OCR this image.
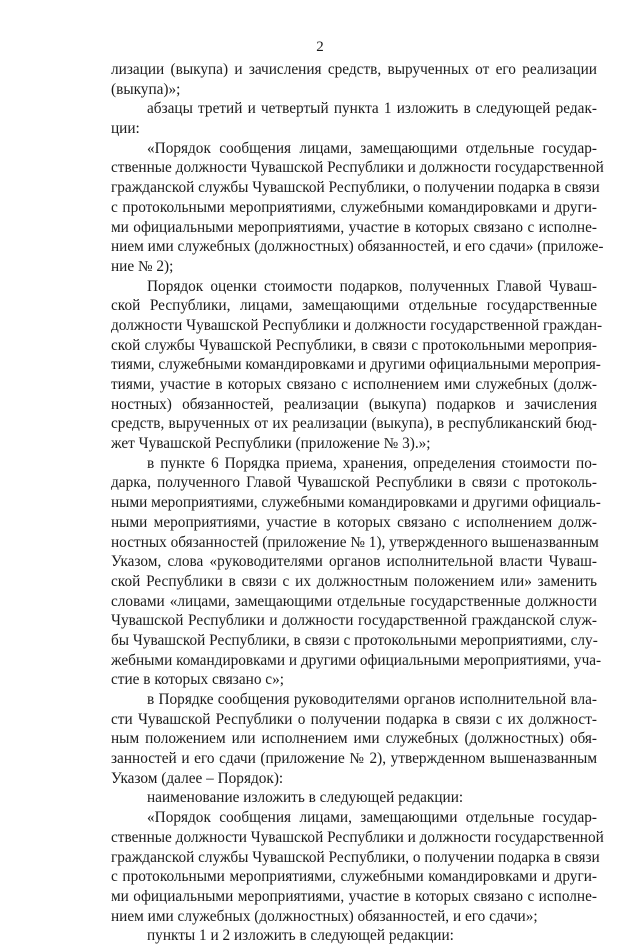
2
лизации (выкупа) и зачисления средств, вырученных от его реализации
(выкупа)»;
абзацы третий и четвертый пункта 1 изложить в следующей редак-
ции:
«Порядок сообщения лицами, замещающими отдельные государ-
ственные должности Чувашской Республики и должности государственной
гражданской службы Чувашской Республики, о получении подарка в связи
с протокольными мероприятиями, служебными командировками и други-
ми официальными мероприятиями, участие в которых связано с исполне-
нием ими служебных (должностных) обязанностей, и его сдачи» (приложе-
ние № 2);
Порядок оценки стоимости подарков, полученных Главой Чуваш-
ской Республики, лицами, замещающими отдельные государственные
должности Чувашской Республики и должности государственной граждан-
ской службы Чувашской Республики, в связи с протокольными мероприя-
тиями, служебными командировками и другими официальными мероприя-
тиями, участие в которых связано с исполнением ими служебных (долж-
ностных) обязанностей, реализации (выкупа) подарков и зачисления
средств, вырученных от их реализации (выкупа), в республиканский бюд-
жет Чувашской Республики (приложение № 3).»;
в пункте 6 Порядка приема, хранения, определения стоимости по-
дарка, полученного Главой Чувашской Республики в связи с протоколь-
ными мероприятиями, служебными командировками и другими официаль-
ными мероприятиями, участие в которых связано с исполнением долж-
ностных обязанностей (приложение № 1), утвержденного вышеназванным
Указом, слова «руководителями органов исполнительной власти Чуваш-
ской Республики в связи с их должностным положением или» заменить
словами «лицами, замещающими отдельные государственные должности
Чувашской Республики и должности государственной гражданской служ-
бы Чувашской Республики, в связи с протокольными мероприятиями, слу-
жебными командировками и другими официальными мероприятиями, уча-
стие в которых связано с»;
в Порядке сообщения руководителями органов исполнительной вла-
сти Чувашской Республики о получении подарка в связи с их должност-
ным положением или исполнением ими служебных (должностных) обя-
занностей и его сдачи (приложение № 2), утвержденном вышеназванным
Указом (далее – Порядок):
наименование изложить в следующей редакции:
«Порядок сообщения лицами, замещающими отдельные государ-
ственные должности Чувашской Республики и должности государственной
гражданской службы Чувашской Республики, о получении подарка в связи
с протокольными мероприятиями, служебными командировками и други-
ми официальными мероприятиями, участие в которых связано с исполне-
нием ими служебных (должностных) обязанностей, и его сдачи»;
пункты 1 и 2 изложить в следующей редакции:
